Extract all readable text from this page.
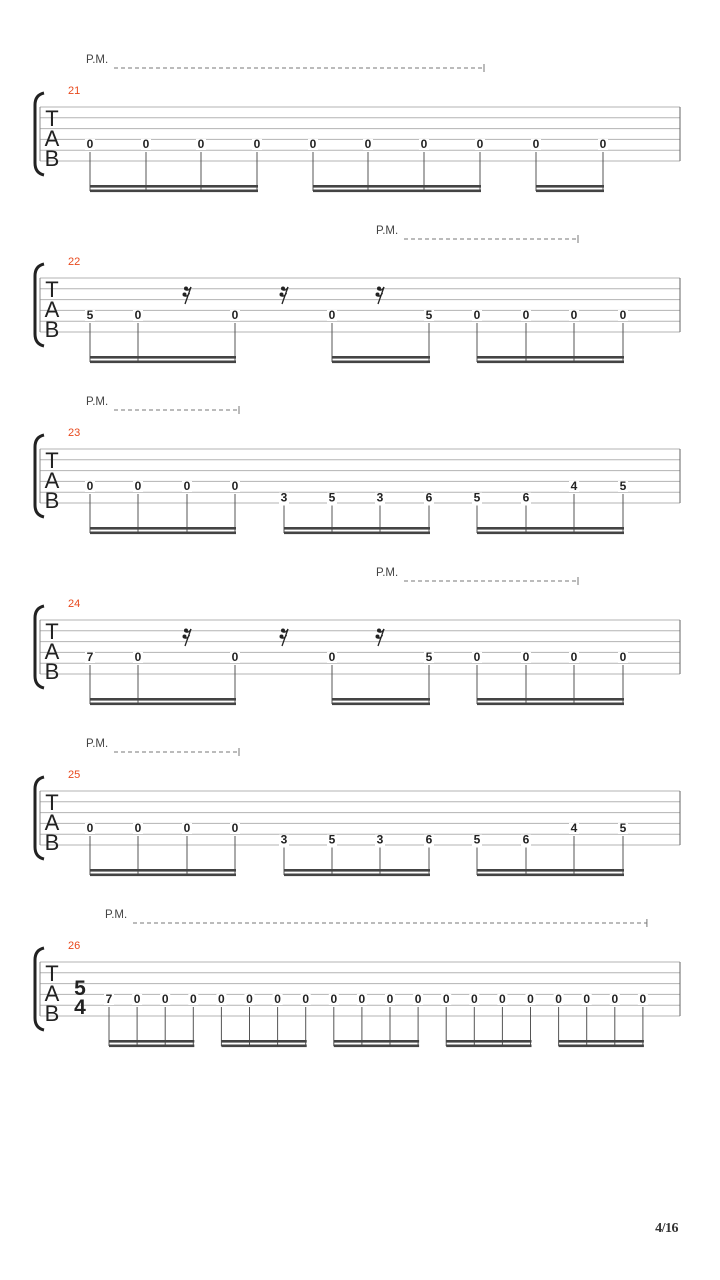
T
A
B
21
P.M.
0	0	0	0	0	0	0	0	0	0
T
A
B
22
P.M.
5	0	0	0	5	0	0	0	0
T
A
B
23
P.M.
0	0	0	0
3	5	3	6	5	6
4	5
T
A
B
24
P.M.
7	0	0	0	5	0	0	0	0
T
A
B
25
P.M.
0	0	0	0
3	5	3	6	5	6
4	5
T
A
B
26
5
4
P.M.
7 0 0 0 0 0 0 0 0 0 0 0 0 0 0 0 0 0 0 0
4/16
